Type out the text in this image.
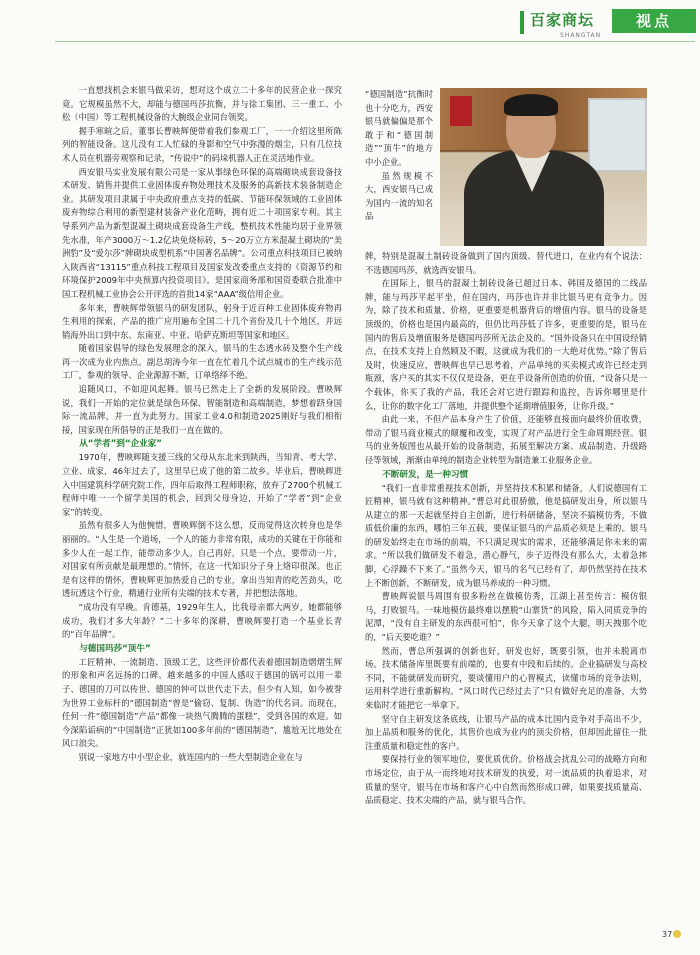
百家商坛
SHANGTAN
视点

一直想找机会来银马做采访，想对这个成立二十多年的民营企业一探究竟。它规模虽然不大，却能与德国玛莎抗衡，并与徐工集团、三一重工、小松（中国）等工程机械设备的大腕级企业同台领奖。

握手寒暄之后，董事长曹映辉便带着我们参观工厂，一一介绍这里所陈列的智能设备。这儿没有工人忙碌的身影和空气中弥漫的烟尘，只有几位技术人员在机器旁观察和记录，“传说中”的码垛机器人正在灵活地作业。

西安银马实业发展有限公司是一家从事绿色环保的高端砌块成套设备技术研发、销售并提供工业固体废弃物处理技术及服务的高新技术装备制造企业。其研发项目隶属于中央政府重点支持的低碳、节能环保领域的工业固体废弃物综合利用的新型建材装备产业化范畴，拥有近二十项国家专利。其主导系列产品为新型混凝土砌块成套设备生产线，整机技术性能均居于业界领先水准，年产3000万～1.2亿块免烧标砖，5～20万立方米混凝土砌块的“美洲豹”及“爱尔莎”牌砌块成型机系“中国著名品牌”。公司重点科技项目已被纳入陕西省“13115”重点科技工程项目及国家发改委重点支持的《资源节约和环境保护2009年中央预算内投资项目》。是国家商务部和国资委联合批准中国工程机械工业协会公开评选的首批14家“AAA”级信用企业。

多年来，曹映辉带领银马的研发团队，躬身于近百种工业固体废弃物再生利用的探索，产品的推广应用遍布全国二十几个省份及几十个地区，并远销海外出口到中东、东南亚、中亚、哈萨克斯坦等国家和地区。

随着国家倡导的绿色发展理念的深入，银马的生态透水砖及整个生产线再一次成为业内焦点。副总胡涛今年一直在忙着几个试点城市的生产线示范工厂，参观的领导、企业源源不断，订单络绎不绝。

追随风口，不如迎风起舞。银马已然走上了全新的发展阶段。曹映辉说，我们一开始的定位就是绿色环保、智能制造和高端制造，梦想着跻身国际一流品牌，并一直为此努力。国家工业4.0和制造2025刚好与我们相衔接，国家现在所倡导的正是我们一直在做的。

从“学者”到“企业家”

1970年，曹映辉随支援三线的父母从东北来到陕西，当知青、考大学、立业、成家，46年过去了，这里早已成了他的第二故乡。毕业后，曹映辉进入中国建筑科学研究院工作，四年后取得工程师职称，放弃了2700个机械工程师中唯一一个留学美国的机会，回到父母身边，开始了“学者”到“企业家”的转变。

虽然有很多人为他惋惜，曹映辉倒不这么想，反而觉得这次转身也是华丽丽的。“人生是一个道场，一个人的能力非常有限，成功的关键在于你能和多少人在一起工作，能带动多少人。自己再好，只是一个点，要带动一片，对国家有所贡献是最理想的。”情怀，在这一代知识分子身上烙印很深。也正是有这样的情怀，曹映辉更加热爱自己的专业，拿出当知青的吃苦劲头，吃透玩透这个行业，精通行业所有尖端的技术专著，并把想法落地。

“成功没有早晚。肯德基，1929年生人，比我母亲都大两岁，她都能够成功，我们才多大年龄？”二十多年的深耕，曹映辉要打造一个基业长青的“百年品牌”。

与德国玛莎“顶牛”

工匠精神、一流制造、顶级工艺，这些评价都代表着德国制造熠熠生辉的形象和声名远扬的口碑。越来越多的中国人感叹于德国的锅可以用一辈子、德国的刀可以传世、德国的钟可以世代走下去，但少有人知，如今被誉为世界工业标杆的“德国制造”曾是“偷窃、复制、伪造”的代名词。而现在，任何一件“德国制造”产品“都像一块热气腾腾的蛋糕”，受到各国的欢迎。如今深陷诟病的“中国制造”正犹如100多年前的“德国制造”，尴尬无比地处在风口浪尖。

别说一家地方中小型企业，就连国内的一些大型制造企业在与

“德国制造”抗衡时也十分吃力，西安银马就偏偏是那个敢于和“德国制造”“顶牛”的地方中小企业。

虽然规模不大，西安银马已成为国内一流的知名品

牌，特别是混凝土制砖设备做到了国内顶级、替代进口，在业内有个说法：不选德国玛莎，就选西安银马。

在国际上，银马的混凝土制砖设备已超过日本、韩国及德国的二线品牌，能与玛莎平起平坐，但在国内，玛莎也许并非比银马更有竞争力。因为，除了技术和质量、价格，更重要是机器背后的增值内容。银马的设备是顶级的，价格也是国内最高的，但仍比玛莎低了许多，更重要的是，银马在国内的售后及增值服务是德国玛莎所无法企及的。“国外设备只在中国设经销点，在技术支持上自然顾及不暇，这就成为我们的一大绝对优势。”除了售后及时，快速反应，曹映辉也早已思考着，产品单纯的买卖模式或许已经走到瓶颈，客户买的其实不仅仅是设备，更在乎设备所创造的价值，“设备只是一个载体，你买了我的产品，我还会对它进行跟踪和监控，告诉你哪里是什么，让你的数字化工厂落地，并提供整个延期增值服务，让你升级。”

由此一来，不但产品本身产生了价值，还能够直接面向最终价值收费，带动了银马商业模式的颠覆和改变，实现了对产品进行全生命周期经营。银马的业务版图也从最开始的设备制造，拓展至解决方案、成品制造、升级路径等领域，渐渐由单纯的制造企业转型为制造兼工业服务企业。

不断研发，是一种习惯

“我们一直非常重视技术创新，并坚持技术积累和储备，人们说德国有工匠精神，银马就有这种精神。”曹总对此很骄傲，他是搞研发出身，所以银马从建立的那一天起就坚持自主创新，进行科研储备，坚决不搞模仿秀，不做质低价廉的东西，哪怕三年五载，要保证银马的产品质必须是上乘的。银马的研发始终走在市场的前端，不只满足现实的需求，还能够满足你未来的需求。“所以我们做研发不着急，潜心静气，步子迈得没有那么大，太着急摔脚，心浮躁不下来了。”虽然今天，银马的名气已经有了，却仍然坚持在技术上不断创新，不断研发，成为银马养成的一种习惯。

曹映辉说银马周围有很多粉丝在做模仿秀，江湖上甚至传言：模仿银马，打败银马。一味地模仿最终难以摆脱“山寨货”的风险，陷入同质竞争的泥潭，“没有自主研发的东西很可怕”，你今天拿了这个大腿，明天拽那个吃的，“后天要吃谁？”

然而，曹总所强调的创新也好，研发也好，既要引领，也并未脱离市场。技术储备库里既要有前端的，也要有中段和后续的。企业搞研发与高校不同，不能就研发而研究，要谈懂用户的心智模式，读懂市场的竞争法则，运用科学进行重新解构。“风口时代已经过去了”只有做好充足的准备，大势来临时才能把它一举拿下。

坚守自主研发这条底线，让银马产品的成本比国内竞争对手高出不少，加上品质和服务的优化，其售价也成为业内的顶尖价格，但却因此留住一批注重质量和稳定性的客户。

要保持行业的领军地位，要优质优价。价格战会扰乱公司的战略方向和市场定位，由于从一而终地对技术研发的执爱，对一流品质的执着追求，对质量的坚守，银马在市场和客户心中自然而然形成口碑，如果要找质量高、品质稳定、技术尖端的产品，就与银马合作。

37
